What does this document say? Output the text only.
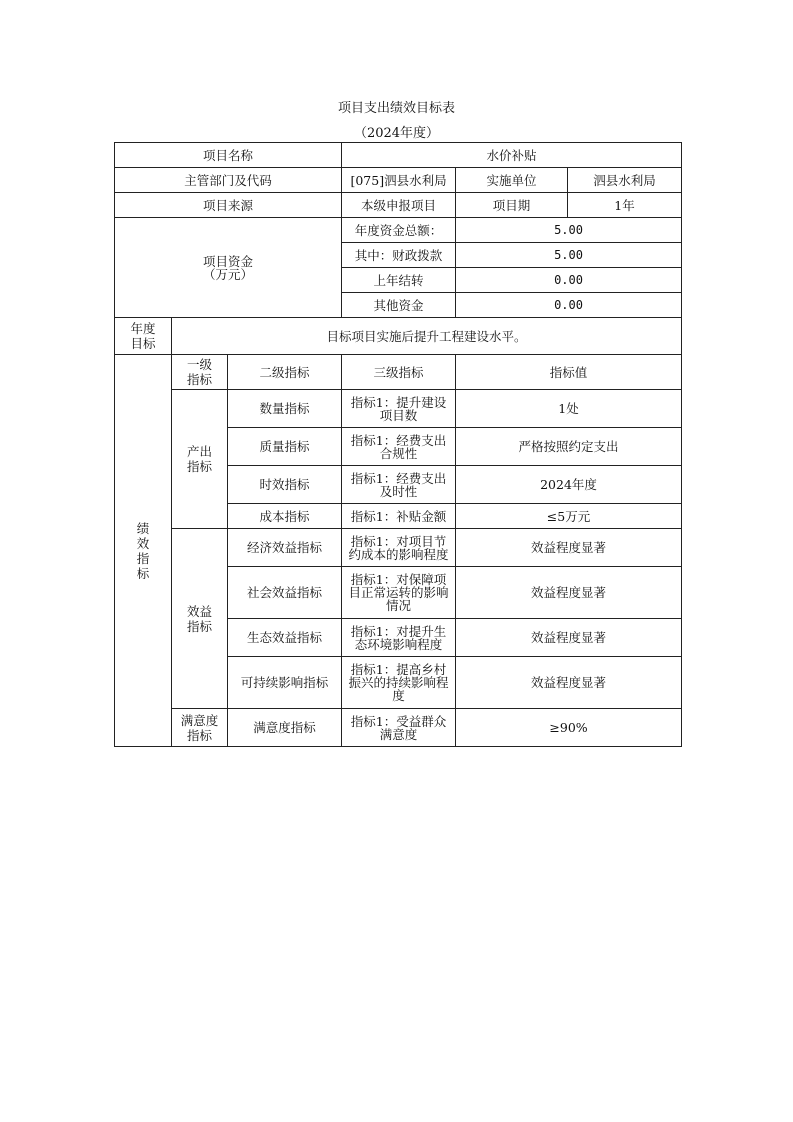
项目支出绩效目标表
（2024年度）
项目名称			水价补贴		
主管部门及代码			[075]泗县水利局	实施单位	泗县水利局
项目来源			本级申报项目	项目期	1年

项目资金
（万元）			年度资金总额：	5.00	
			其中：财政拨款	5.00	
			上年结转	0.00	
			其他资金	0.00	
年度目标	目标项目实施后提升工程建设水平。				
绩效指标	一级指标	二级指标	三级指标	指标值	
	产出指标	数量指标	指标1：提升建设项目数	1处	
		质量指标	指标1：经费支出合规性	严格按照约定支出	
		时效指标	指标1：经费支出及时性	2024年度	
		成本指标	指标1：补贴金额	≤5万元	
	效益指标	经济效益指标	指标1：对项目节约成本的影响程度	效益程度显著	
		社会效益指标	指标1：对保障项目正常运转的影响情况	效益程度显著	
		生态效益指标	指标1：对提升生态环境影响程度	效益程度显著	
		可持续影响指标	指标1：提高乡村振兴的持续影响程度	效益程度显著	
	满意度指标	满意度指标	指标1：受益群众满意度	≥90%	
